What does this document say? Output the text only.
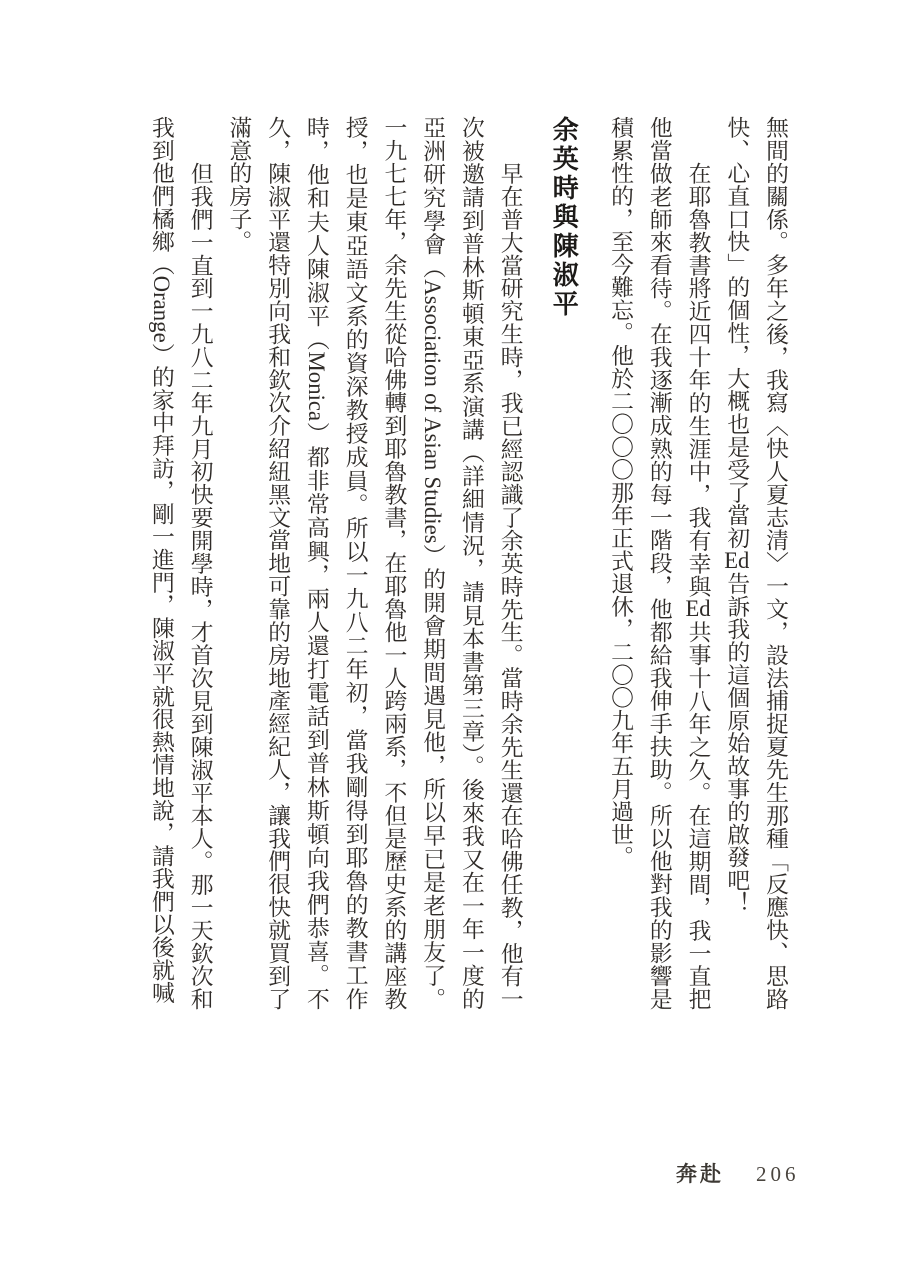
無間的關係。多年之後，我寫〈快人夏志清〉一文，設法捕捉夏先生那種「反應快、思路快、心直口快」的個性，大概也是受了當初Ed告訴我的這個原始故事的啟發吧！

在耶魯教書將近四十年的生涯中，我有幸與Ed共事十八年之久。在這期間，我一直把他當做老師來看待。在我逐漸成熟的每一階段，他都給我伸手扶助。所以他對我的影響是積累性的，至今難忘。他於二〇〇〇那年正式退休，二〇〇九年五月過世。

余英時與陳淑平

早在普大當研究生時，我已經認識了余英時先生。當時余先生還在哈佛任教，他有一次被邀請到普林斯頓東亞系演講（詳細情況，請見本書第三章）。後來我又在一年一度的亞洲研究學會（Association of Asian Studies）的開會期間遇見他，所以早已是老朋友了。一九七七年，余先生從哈佛轉到耶魯教書，在耶魯他一人跨兩系，不但是歷史系的講座教授，也是東亞語文系的資深教授成員。所以一九八二年初，當我剛得到耶魯的教書工作時，他和夫人陳淑平（Monica）都非常高興，兩人還打電話到普林斯頓向我們恭喜。不久，陳淑平還特別向我和欽次介紹紐黑文當地可靠的房地產經紀人，讓我們很快就買到了滿意的房子。

但我們一直到一九八二年九月初快要開學時，才首次見到陳淑平本人。那一天欽次和我到他們橘鄉（Orange）的家中拜訪，剛一進門，陳淑平就很熱情地說，請我們以後就喊

奔赴 206
